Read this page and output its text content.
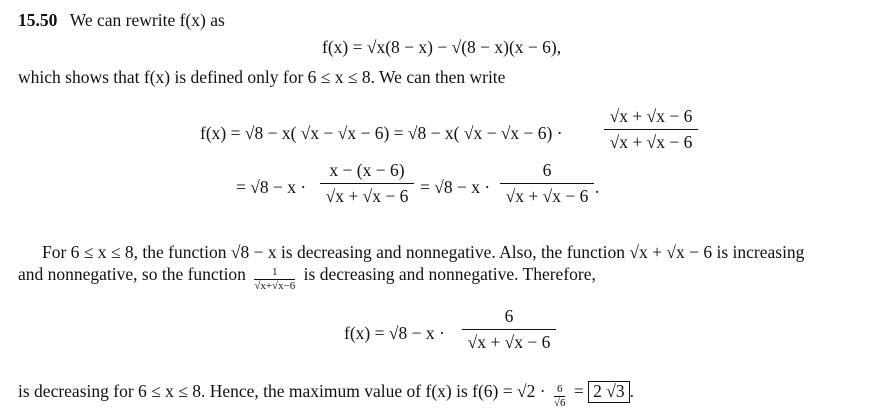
15.50 We can rewrite f(x) as
f(x) = √x(8 − x) − √(8 − x)(x − 6),
which shows that f(x) is defined only for 6 ≤ x ≤ 8. We can then write
f(x) = √8 − x( √x − √x − 6) = √8 − x( √x − √x − 6) ·
√x + √x − 6
√x + √x − 6
= √8 − x ·
x − (x − 6)
√x + √x − 6 = √8 − x ·
6
√x + √x − 6 .
For 6 ≤ x ≤ 8, the function √8 − x is decreasing and nonnegative. Also, the function √x + √x − 6 is increasing
and nonnegative, so the function $\frac{1}{√x+√x-6}$ is decreasing and nonnegative. Therefore,
f(x) = √8 − x ·
6
√x + √x − 6
is decreasing for 6 ≤ x ≤ 8. Hence, the maximum value of f(x) is $f(6) = √2 \cdot \frac{6}{√6} = 2$ √3 .
